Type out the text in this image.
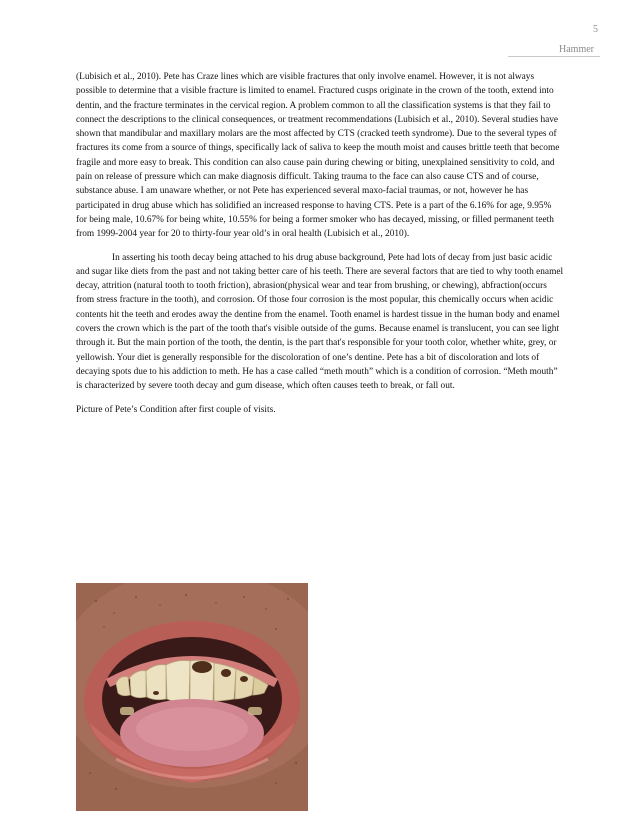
5
Hammer

(Lubisich et al., 2010). Pete has Craze lines which are visible fractures that only involve enamel. However, it is not always possible to determine that a visible fracture is limited to enamel. Fractured cusps originate in the crown of the tooth, extend into dentin, and the fracture terminates in the cervical region. A problem common to all the classification systems is that they fail to connect the descriptions to the clinical consequences, or treatment recommendations (Lubisich et al., 2010). Several studies have shown that mandibular and maxillary molars are the most affected by CTS (cracked teeth syndrome). Due to the several types of fractures its come from a source of things, specifically lack of saliva to keep the mouth moist and causes brittle teeth that become fragile and more easy to break. This condition can also cause pain during chewing or biting, unexplained sensitivity to cold, and pain on release of pressure which can make diagnosis difficult. Taking trauma to the face can also cause CTS and of course, substance abuse. I am unaware whether, or not Pete has experienced several maxo-facial traumas, or not, however he has participated in drug abuse which has solidified an increased response to having CTS. Pete is a part of the 6.16% for age, 9.95% for being male, 10.67% for being white, 10.55% for being a former smoker who has decayed, missing, or filled permanent teeth from 1999-2004 year for 20 to thirty-four year old’s in oral health (Lubisich et al., 2010).

In asserting his tooth decay being attached to his drug abuse background, Pete had lots of decay from just basic acidic and sugar like diets from the past and not taking better care of his teeth. There are several factors that are tied to why tooth enamel decay, attrition (natural tooth to tooth friction), abrasion(physical wear and tear from brushing, or chewing), abfraction(occurs from stress fracture in the tooth), and corrosion. Of those four corrosion is the most popular, this chemically occurs when acidic contents hit the teeth and erodes away the dentine from the enamel. Tooth enamel is hardest tissue in the human body and enamel covers the crown which is the part of the tooth that's visible outside of the gums. Because enamel is translucent, you can see light through it. But the main portion of the tooth, the dentin, is the part that's responsible for your tooth color, whether white, grey, or yellowish. Your diet is generally responsible for the discoloration of one’s dentine. Pete has a bit of discoloration and lots of decaying spots due to his addiction to meth. He has a case called “meth mouth” which is a condition of corrosion. “Meth mouth” is characterized by severe tooth decay and gum disease, which often causes teeth to break, or fall out.

Picture of Pete’s Condition after first couple of visits.
